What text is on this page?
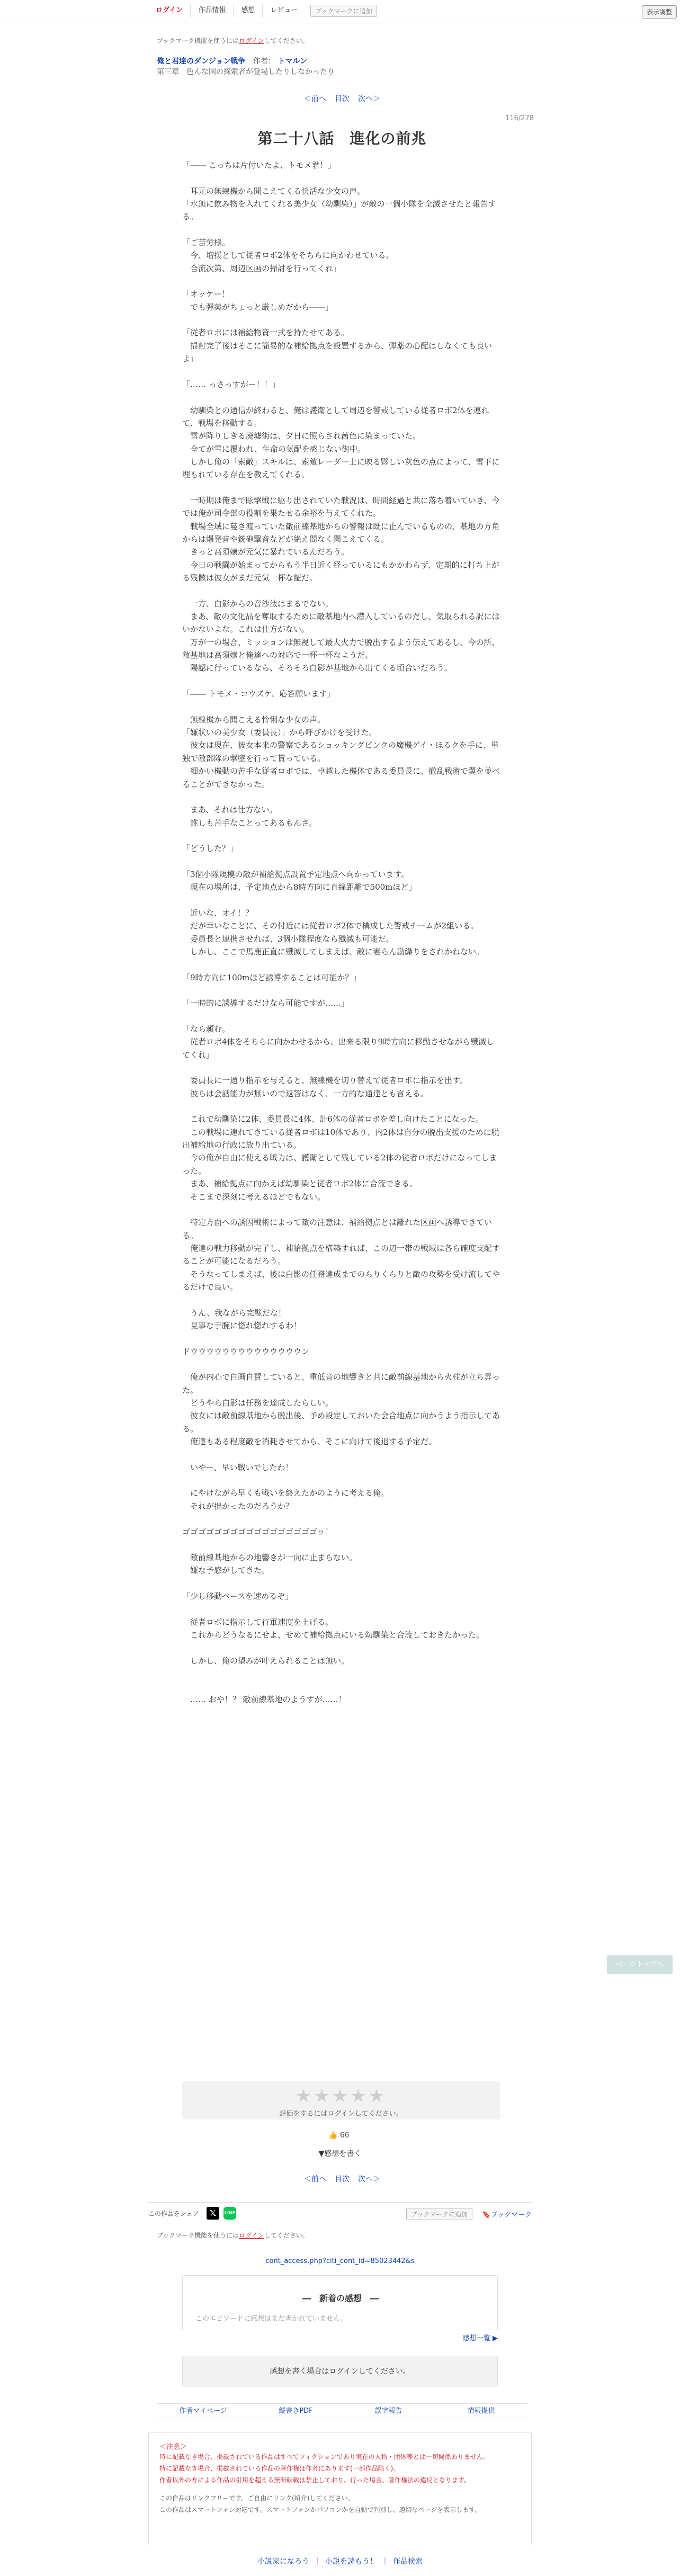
ログイン	作品情報	感想	レビュー	ブックマークに追加	表示調整
ブックマーク機能を使うにはログインしてください。
俺と君達のダンジョン戦争 作者： トマルン
第三章　色んな国の探索者が登場したりしなかったり
＜前へ 目次 次へ＞
116/278
第二十八話　進化の前兆

「―― こっちは片付いたよ、トモメ君！」

　耳元の無線機から聞こえてくる快活な少女の声。

「水無に飲み物を入れてくれる美少女（幼馴染）」が敵の一個小隊を全滅させたと報告する。

「ご苦労様。

　今、増援として従者ロボ2体をそちらに向かわせている。

　合流次第、周辺区画の掃討を行ってくれ」

「オッケー！

　でも弾薬がちょっと厳しめだから――」

「従者ロボには補給物資一式を持たせてある。

　掃討完了後はそこに簡易的な補給拠点を設置するから、弾薬の心配はしなくても良いよ」

「…… っさっすがー！！」

　幼馴染との通信が終わると、俺は護衛として周辺を警戒している従者ロボ2体を連れて、戦場を移動する。

　雪が降りしきる廃墟街は、夕日に照らされ茜色に染まっていた。

　全てが雪に覆われ、生命の気配を感じない街中。

　しかし俺の「索敵」スキルは、索敵レーダー上に映る夥しい灰色の点によって、雪下に埋もれている存在を教えてくれる。

　一時期は俺まで眩撃戦に駆り出されていた戦況は、時間経過と共に落ち着いていき、今では俺が司令部の役割を果たせる余裕を与えてくれた。

　戦場全域に蔓き渡っていた敵前線基地からの警報は既に止んでいるものの、基地の方角からは爆発音や銃砲撃音などが絶え間なく聞こえてくる。

　きっと高須嬢が元気に暴れているんだろう。

　今日の戦闘が始まってからもう半日近く経っているにもかかわらず、定期的に打ち上がる残骸は彼女がまだ元気一杯な証だ。

　一方、白影からの音沙汰はまるでない。

　まあ、敵の文化品を奪取するために敵基地内へ潜入しているのだし、気取られる訳にはいかないよな。これは仕方がない。

　万が一の場合、ミッションは無視して最大火力で脱出するよう伝えてあるし、今の所、敵基地は高須嬢と俺達への対応で一杯一杯なようだ。

　陽認に行っているなら、そろそろ白影が基地から出てくる頃合いだろう。

「―― トモメ・コウズケ、応答願います」

　無線機から聞こえる怜悧な少女の声。

「嫌状いの美少女（委員長）」から呼びかけを受けた。

　彼女は現在、彼女本来の警察であるショッキングピンクの魔機ゲイ・ほるクを手に、単独で敵部隊の撃墜を行って貰っている。

　細かい機動の苦手な従者ロボでは、卓越した機体である委員長に、撤乱戦術で翼を並べることができなかった。

　まあ、それは仕方ない。

　誰しも苦手なことってあるもんさ。

「どうした？」

「3個小隊規模の敵が補給拠点設置予定地点へ向かっています。

　現在の場所は、予定地点から8時方向に直線距離で500mほど」

　近いな、オイ！？

　だが幸いなことに、その付近には従者ロボ2体で構成した警戒チームが2組いる。

　委員長と連携させれば、3個小隊程度なら殲滅も可能だ。

　しかし、ここで馬鹿正直に殲滅してしまえば、敵に妻らん勘繰りをされかねない。

「9時方向に100mほど誘導することは可能か？」

「一時的に誘導するだけなら可能ですが……」

「なら頼む。

　従者ロボ4体をそちらに向かわせるから、出来る限り9時方向に移動させながら殲滅してくれ」

　委員長に一通り指示を与えると、無線機を切り替えて従者ロボに指示を出す。

　彼らは会話能力が無いので返答はなく、一方的な通達とも言える。

　これで幼馴染に2体、委員長に4体、計6体の従者ロボを差し向けたことになった。

　この戦場に連れてきている従者ロボは10体であり、内2体は自分の脱出支援のために脱出補給地の行政に放り出ている。

　今の俺が自由に使える戦力は、護衛として残している2体の従者ロボだけになってしまった。

　まあ、補給拠点に向かえば幼馴染と従者ロボ2体に合流できる。

　そこまで深刻に考えるほどでもない。

　特定方面への誘因戦術によって敵の注意は、補給拠点とは離れた区画へ誘導できている。

　俺達の戦力移動が完了し、補給拠点を構築すれば、この辺一帯の戦域は各ら確度支配することが可能になるだろう。

　そうなってしまえば、後は白影の任務達成までのらりくらりと敵の攻勢を受け流してやるだけで良い。

　うん、我ながら完璧だな！

　見事な手腕に惚れ惚れするわ！

ドウウウウウウウウウウウウウウン

　俺が内心で自画自賛していると、重低音の地響きと共に敵前線基地から火柱が立ち昇った。

　どうやら白影は任務を達成したらしい。

　彼女には敵前線基地から脱出後、予め設定しておいた会合地点に向かうよう指示してある。

　俺達もある程度敵を消耗させてから、そこに向けて後退する予定だ。

　いやー、早い戦いでしたわ！

　にやけながら早くも戦いを終えたかのように考える俺。

　それが拙かったのだろうか？

ゴゴゴゴゴゴゴゴゴゴゴゴゴゴゴゴゴッ！

　敵前線基地からの地響きが一向に止まらない。

　嫌な予感がしてきた。

「少し移動ペースを速めるぞ」

　従者ロボに指示して行軍速度を上げる。

　これからどうなるにせよ、せめて補給拠点にいる幼馴染と合流しておきたかった。

　しかし、俺の望みが叶えられることは無い。

　…… おや！？ 敵前線基地のようすが……！

★★★★★
評価をするにはログインしてください。
👍 66
▼感想を書く
＜前へ 目次 次へ＞
この作品をシェア	𝕏	LINE	ブックマークに追加	🔖ブックマーク
ブックマーク機能を使うにはログインしてください。
cont_access.php?citi_cont_id=85023442&s
―　新着の感想　―
このエピソードに感想はまだ書かれていません。
感想一覧 ▶
感想を書く場合はログインしてください。
作者マイページ	縦書きPDF	誤字報告	情報提供
＜注意＞
特に記載なき場合、掲載されている作品はすべてフィクションであり実在の人物・団体等とは一切関係ありません。
特に記載なき場合、掲載されている作品の著作権は作者にあります(一部作品除く)。
作者以外の方による作品の引用を超える無断転載は禁止しており、行った場合、著作権法の違反となります。
この作品はリンクフリーです。ご自由にリンク(紹介)してください。
この作品はスマートフォン対応です。スマートフォンかパソコンかを自動で判別し、適切なページを表示します。
小説家になろう ｜ 小説を読もう！ ｜ 作品検索
ページトップへ
